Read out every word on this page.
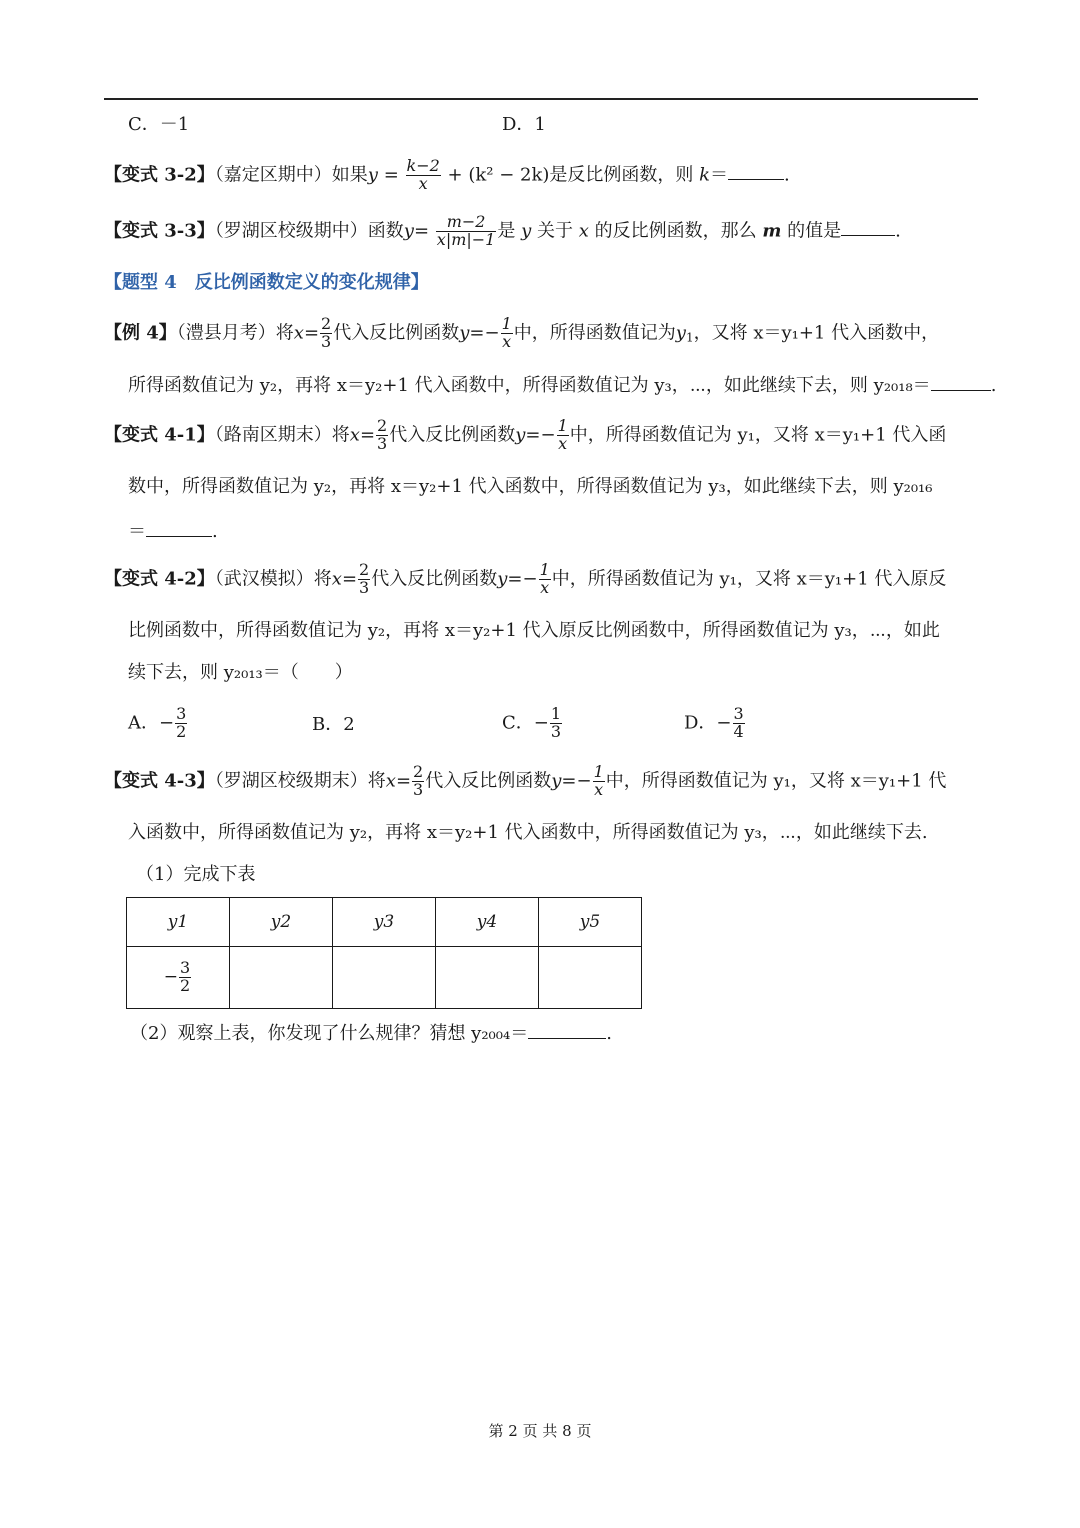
C．－1	D．1
【变式 3-2】（嘉定区期中）如果$y = \frac{k-2}{x} + (k^2 - 2k)$是反比例函数，则 k＝	.
【变式 3-3】（罗湖区校级期中）函数$y= \frac{m-2}{x|m|-1}$ 是 y 关于 x 的反比例函数，那么 m 的值是	.
【题型 4　反比例函数定义的变化规律】
【例 4】（澧县月考）将$x= \frac{2}{3}$ 代入反比例函数$y=- \frac{1}{x}$ 中，所得函数值记为$y_1$，又将 x＝y₁+1 代入函数中，
所得函数值记为 y₂，再将 x＝y₂+1 代入函数中，所得函数值记为 y₃，⋯，如此继续下去，则 y₂₀₁₈＝	.
【变式 4-1】（路南区期末）将$x= \frac{2}{3}$ 代入反比例函数$y=- \frac{1}{x}$ 中，所得函数值记为 y₁，又将 x＝y₁+1 代入函
数中，所得函数值记为 y₂，再将 x＝y₂+1 代入函数中，所得函数值记为 y₃，如此继续下去，则 y₂₀₁₆
＝	.
【变式 4-2】（武汉模拟）将$x= \frac{2}{3}$ 代入反比例函数$y=- \frac{1}{x}$ 中，所得函数值记为 y₁，又将 x＝y₁+1 代入原反
比例函数中，所得函数值记为 y₂，再将 x＝y₂+1 代入原反比例函数中，所得函数值记为 y₃，⋯，如此
续下去，则 y₂₀₁₃＝（　　）
A．− $\frac{3}{2}$	B．2	C．− $\frac{1}{3}$	D．− $\frac{3}{4}$
【变式 4-3】（罗湖区校级期末）将$x= \frac{2}{3}$ 代入反比例函数$y=- \frac{1}{x}$ 中，所得函数值记为 y₁，又将 x＝y₁+1 代
入函数中，所得函数值记为 y₂，再将 x＝y₂+1 代入函数中，所得函数值记为 y₃，⋯，如此继续下去.
（1）完成下表
y1	y2	y3	y4	y5
− $\frac{3}{2}$

（2）观察上表，你发现了什么规律？猜想 y₂₀₀₄＝	.
第 2 页 共 8 页
